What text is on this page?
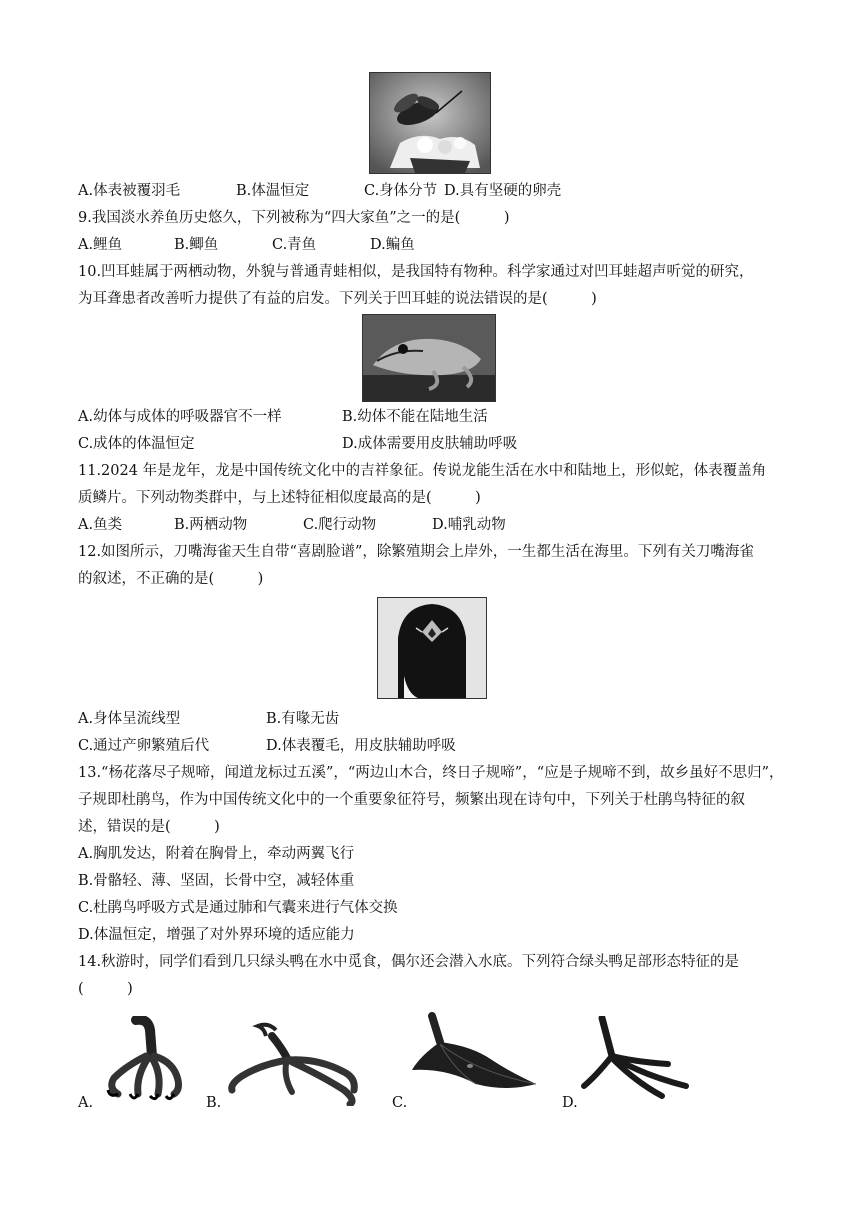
A.体表被覆羽毛	B.体温恒定	C.身体分节 D.具有坚硬的卵壳
9.我国淡水养鱼历史悠久，下列被称为“四大家鱼”之一的是(　　　)
A.鲤鱼	B.鲫鱼	C.青鱼	D.鳊鱼
10.凹耳蛙属于两栖动物，外貌与普通青蛙相似，是我国特有物种。科学家通过对凹耳蛙超声听觉的研究，
为耳聋患者改善听力提供了有益的启发。下列关于凹耳蛙的说法错误的是(　　　)
A.幼体与成体的呼吸器官不一样	B.幼体不能在陆地生活
C.成体的体温恒定	D.成体需要用皮肤辅助呼吸
11.2024 年是龙年，龙是中国传统文化中的吉祥象征。传说龙能生活在水中和陆地上，形似蛇，体表覆盖角
质鳞片。下列动物类群中，与上述特征相似度最高的是(　　　)
A.鱼类	B.两栖动物	C.爬行动物	D.哺乳动物
12.如图所示，刀嘴海雀天生自带“喜剧脸谱”，除繁殖期会上岸外，一生都生活在海里。下列有关刀嘴海雀
的叙述，不正确的是(　　　)
A.身体呈流线型	B.有喙无齿
C.通过产卵繁殖后代	D.体表覆毛，用皮肤辅助呼吸
13.“杨花落尽子规啼，闻道龙标过五溪”，“两边山木合，终日子规啼”，“应是子规啼不到，故乡虽好不思归”，
子规即杜鹃鸟，作为中国传统文化中的一个重要象征符号，频繁出现在诗句中，下列关于杜鹃鸟特征的叙
述，错误的是(　　　)
A.胸肌发达，附着在胸骨上，牵动两翼飞行
B.骨骼轻、薄、坚固，长骨中空，减轻体重
C.杜鹃鸟呼吸方式是通过肺和气囊来进行气体交换
D.体温恒定，增强了对外界环境的适应能力
14.秋游时，同学们看到几只绿头鸭在水中觅食，偶尔还会潜入水底。下列符合绿头鸭足部形态特征的是
(　　　)
A.	B.	C.	D.
